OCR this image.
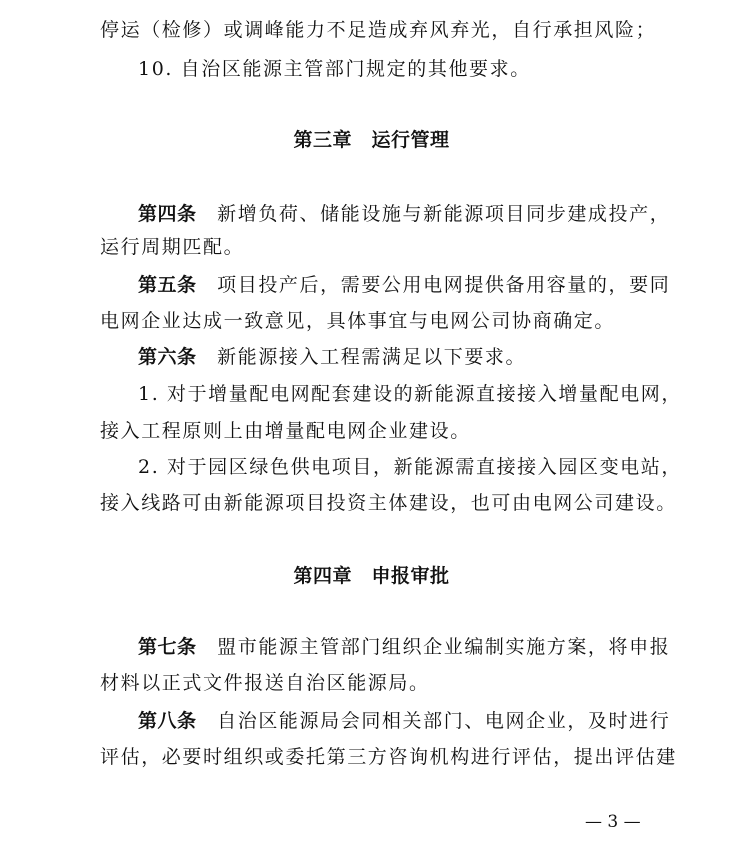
停运（检修）或调峰能力不足造成弃风弃光，自行承担风险；
10. 自治区能源主管部门规定的其他要求。
第三章　运行管理
第四条　新增负荷、储能设施与新能源项目同步建成投产，
运行周期匹配。
第五条　项目投产后，需要公用电网提供备用容量的，要同
电网企业达成一致意见，具体事宜与电网公司协商确定。
第六条　新能源接入工程需满足以下要求。
1. 对于增量配电网配套建设的新能源直接接入增量配电网，
接入工程原则上由增量配电网企业建设。
2. 对于园区绿色供电项目，新能源需直接接入园区变电站，
接入线路可由新能源项目投资主体建设，也可由电网公司建设。
第四章　申报审批
第七条　盟市能源主管部门组织企业编制实施方案，将申报
材料以正式文件报送自治区能源局。
第八条　自治区能源局会同相关部门、电网企业，及时进行
评估，必要时组织或委托第三方咨询机构进行评估，提出评估建
— 3 —
